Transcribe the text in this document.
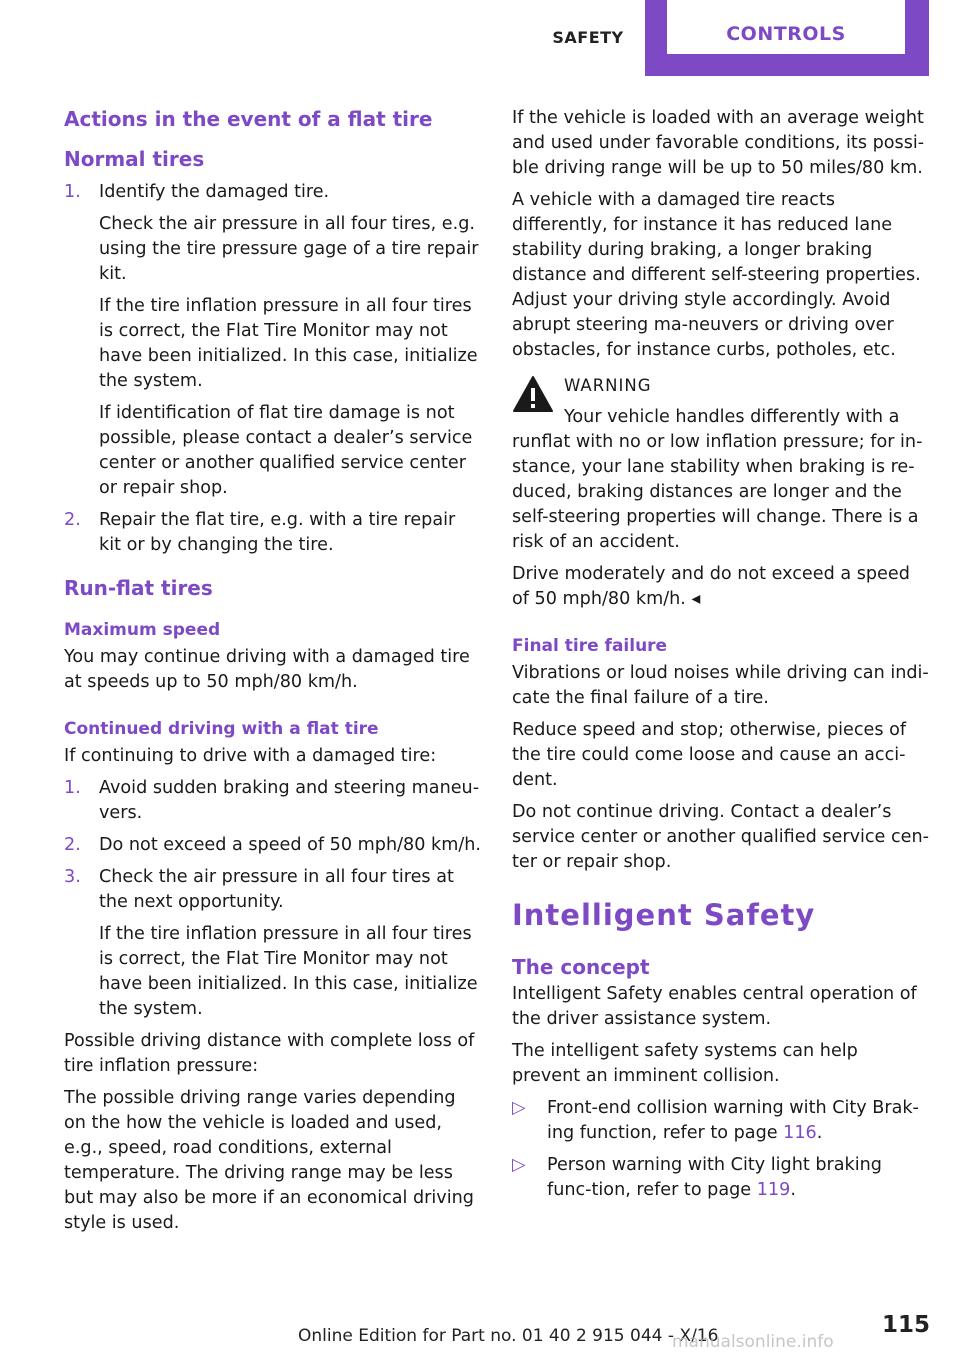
SAFETY	CONTROLS
Actions in the event of a flat tire
Normal tires
1. Identify the damaged tire.

Check the air pressure in all four tires, e.g. using the tire pressure gage of a tire repair kit.

If the tire inflation pressure in all four tires is correct, the Flat Tire Monitor may not have been initialized. In this case, initialize the system.

If identification of flat tire damage is not possible, please contact a dealer’s service center or another qualified service center or repair shop.

2. Repair the flat tire, e.g. with a tire repair kit or by changing the tire.

Run-flat tires
Maximum speed

You may continue driving with a damaged tire at speeds up to 50 mph/80 km/h.

Continued driving with a flat tire

If continuing to drive with a damaged tire:

1. Avoid sudden braking and steering maneu‐vers.

2. Do not exceed a speed of 50 mph/80 km/h.

3. Check the air pressure in all four tires at the next opportunity.

If the tire inflation pressure in all four tires is correct, the Flat Tire Monitor may not have been initialized. In this case, initialize the system.

Possible driving distance with complete loss of tire inflation pressure:

The possible driving range varies depending on the how the vehicle is loaded and used, e.g., speed, road conditions, external temperature. The driving range may be less but may also be more if an economical driving style is used.

If the vehicle is loaded with an average weight and used under favorable conditions, its possi‐ble driving range will be up to 50 miles/80 km.

A vehicle with a damaged tire reacts differently, for instance it has reduced lane stability during braking, a longer braking distance and different self-steering properties. Adjust your driving style accordingly. Avoid abrupt steering ma‐neuvers or driving over obstacles, for instance curbs, potholes, etc.

WARNING

Your vehicle handles differently with a

runflat with no or low inflation pressure; for in‐stance, your lane stability when braking is re‐duced, braking distances are longer and the self-steering properties will change. There is a risk of an accident.

Drive moderately and do not exceed a speed of 50 mph/80 km/h. ◂

Final tire failure

Vibrations or loud noises while driving can indi‐cate the final failure of a tire.

Reduce speed and stop; otherwise, pieces of the tire could come loose and cause an acci‐dent.

Do not continue driving. Contact a dealer’s service center or another qualified service cen‐ter or repair shop.

Intelligent Safety
The concept

Intelligent Safety enables central operation of the driver assistance system.

The intelligent safety systems can help prevent an imminent collision.

▷ Front-end collision warning with City Brak‐ing function, refer to page 116.
▷ Person warning with City light braking func‐tion, refer to page 119.
115
Online Edition for Part no. 01 40 2 915 044 - X/16
manualsonline.info
